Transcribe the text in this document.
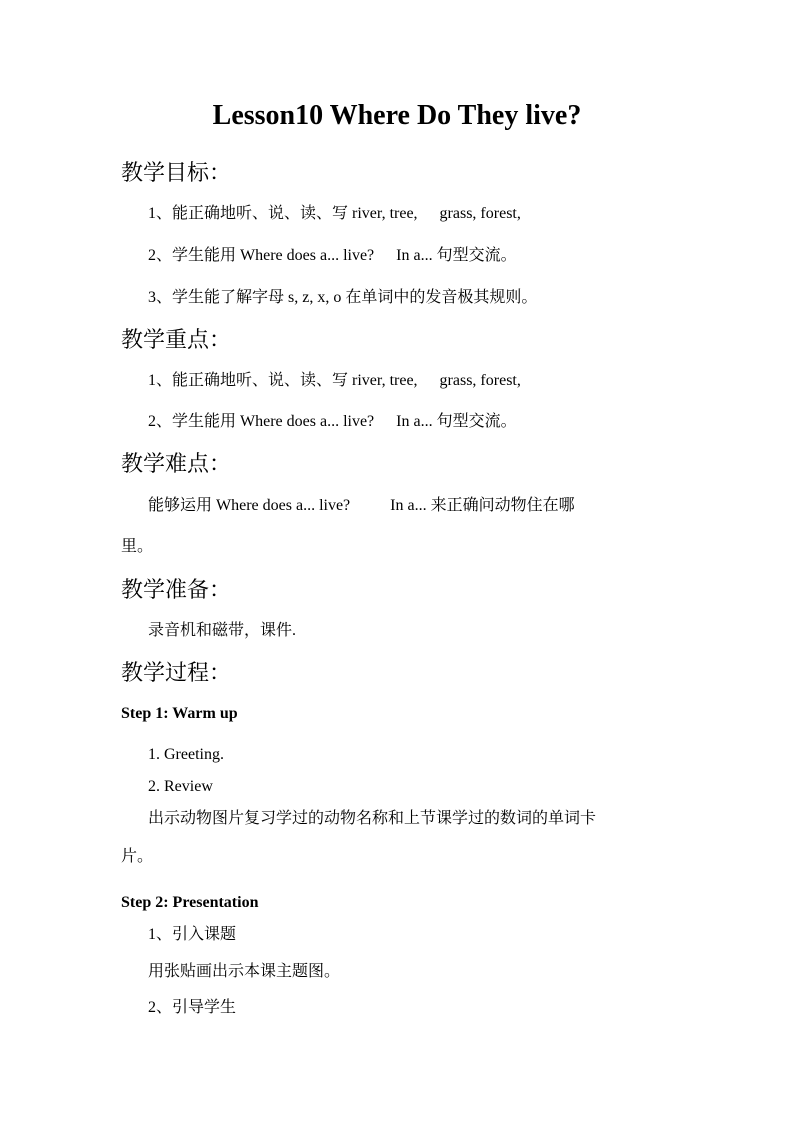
Lesson10 Where Do They live?
教学目标：
1、能正确地听、说、读、写 river, tree, grass, forest,
2、学生能用 Where does a... live? In a... 句型交流。
3、学生能了解字母 s, z, x, o 在单词中的发音极其规则。
教学重点：
1、能正确地听、说、读、写 river, tree, grass, forest,
2、学生能用 Where does a... live? In a... 句型交流。
教学难点：
能够运用 Where does a... live?	In a... 来正确问动物住在哪
里。
教学准备：
录音机和磁带，课件.
教学过程：
Step 1: Warm up
1. Greeting.
2. Review
出示动物图片复习学过的动物名称和上节课学过的数词的单词卡
片。
Step 2: Presentation
1、引入课题
用张贴画出示本课主题图。
2、引导学生
